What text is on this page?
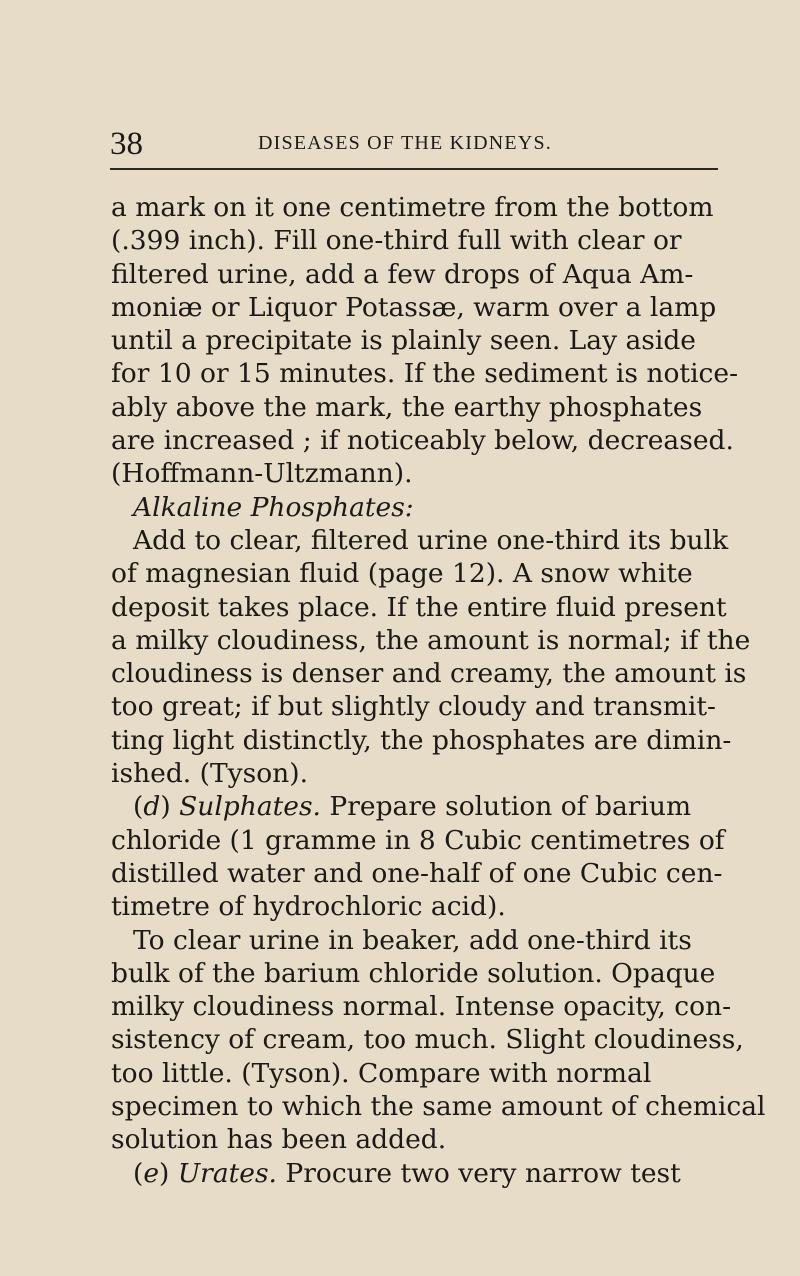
38	DISEASES OF THE KIDNEYS.
a mark on it one centimetre from the bottom
(.399 inch). Fill one-third full with clear or
filtered urine, add a few drops of Aqua Am-
moniæ or Liquor Potassæ, warm over a lamp
until a precipitate is plainly seen. Lay aside
for 10 or 15 minutes. If the sediment is notice-
ably above the mark, the earthy phosphates
are increased ; if noticeably below, decreased.
(Hoffmann-Ultzmann).
Alkaline Phosphates:
Add to clear, filtered urine one-third its bulk
of magnesian fluid (page 12). A snow white
deposit takes place. If the entire fluid present
a milky cloudiness, the amount is normal; if the
cloudiness is denser and creamy, the amount is
too great; if but slightly cloudy and transmit-
ting light distinctly, the phosphates are dimin-
ished. (Tyson).
(d) Sulphates. Prepare solution of barium
chloride (1 gramme in 8 Cubic centimetres of
distilled water and one-half of one Cubic cen-
timetre of hydrochloric acid).
To clear urine in beaker, add one-third its
bulk of the barium chloride solution. Opaque
milky cloudiness normal. Intense opacity, con-
sistency of cream, too much. Slight cloudiness,
too little. (Tyson). Compare with normal
specimen to which the same amount of chemical
solution has been added.
(e) Urates. Procure two very narrow test
